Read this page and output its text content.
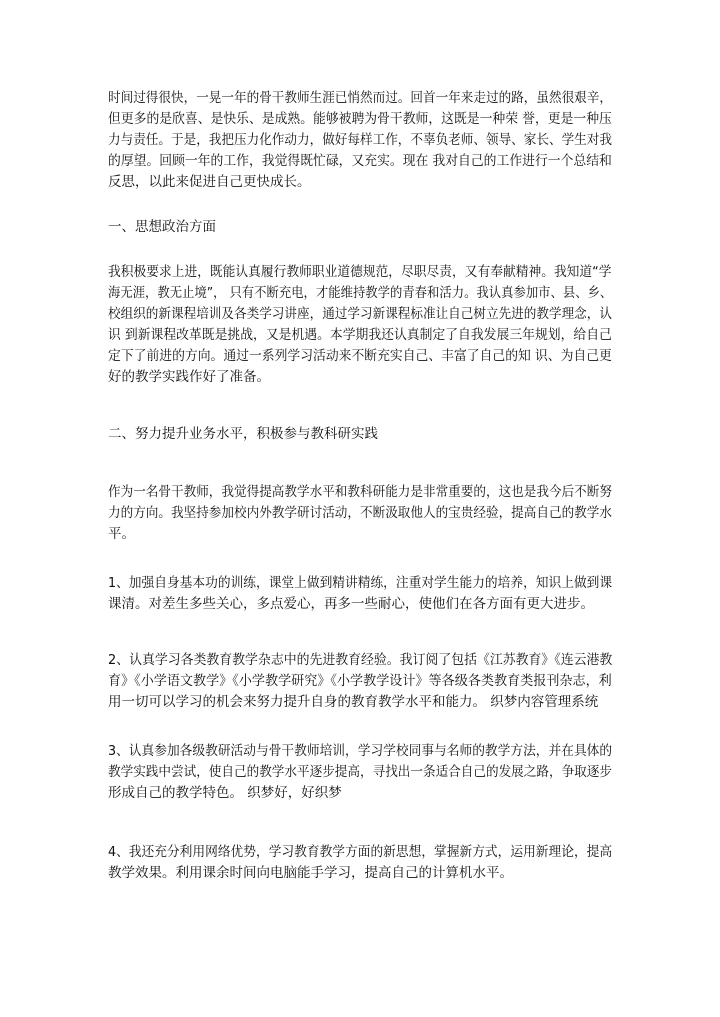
时间过得很快，一晃一年的骨干教师生涯已悄然而过。回首一年来走过的路，虽然很艰辛， 但更多的是欣喜、是快乐、是成熟。能够被聘为骨干教师，这既是一种荣 誉，更是一种压 力与责任。于是，我把压力化作动力，做好每样工作，不辜负老师、领导、家长、学生对我 的厚望。回顾一年的工作，我觉得既忙碌，又充实。现在 我对自己的工作进行一个总结和
反思，以此来促进自己更快成长。
一、思想政治方面
我积极要求上进，既能认真履行教师职业道德规范，尽职尽责，又有奉献精神。我知道“学 海无涯，教无止境”， 只有不断充电，才能维持教学的青春和活力。我认真参加市、县、乡、 校组织的新课程培训及各类学习讲座，通过学习新课程标准让自己树立先进的教学理念，认 识 到新课程改革既是挑战，又是机遇。本学期我还认真制定了自我发展三年规划，给自己 定下了前进的方向。通过一系列学习活动来不断充实自己、丰富了自己的知 识、为自己更
好的教学实践作好了准备。
二、努力提升业务水平，积极参与教科研实践
作为一名骨干教师，我觉得提高教学水平和教科研能力是非常重要的，这也是我今后不断努 力的方向。我坚持参加校内外教学研讨活动，不断汲取他人的宝贵经验，提高自己的教学水
平。
1、加强自身基本功的训练，课堂上做到精讲精练，注重对学生能力的培养，知识上做到课
课清。对差生多些关心，多点爱心，再多一些耐心，使他们在各方面有更大进步。
2、认真学习各类教育教学杂志中的先进教育经验。我订阅了包括《江苏教育》《连云港教 育》《小学语文教学》《小学教学研究》《小学教学设计》等各级各类教育类报刊杂志，利
用一切可以学习的机会来努力提升自身的教育教学水平和能力。 织梦内容管理系统
3、认真参加各级教研活动与骨干教师培训，学习学校同事与名师的教学方法，并在具体的 教学实践中尝试，使自己的教学水平逐步提高，寻找出一条适合自己的发展之路，争取逐步
形成自己的教学特色。 织梦好，好织梦
4、我还充分利用网络优势，学习教育教学方面的新思想，掌握新方式，运用新理论，提高
教学效果。利用课余时间向电脑能手学习，提高自己的计算机水平。
